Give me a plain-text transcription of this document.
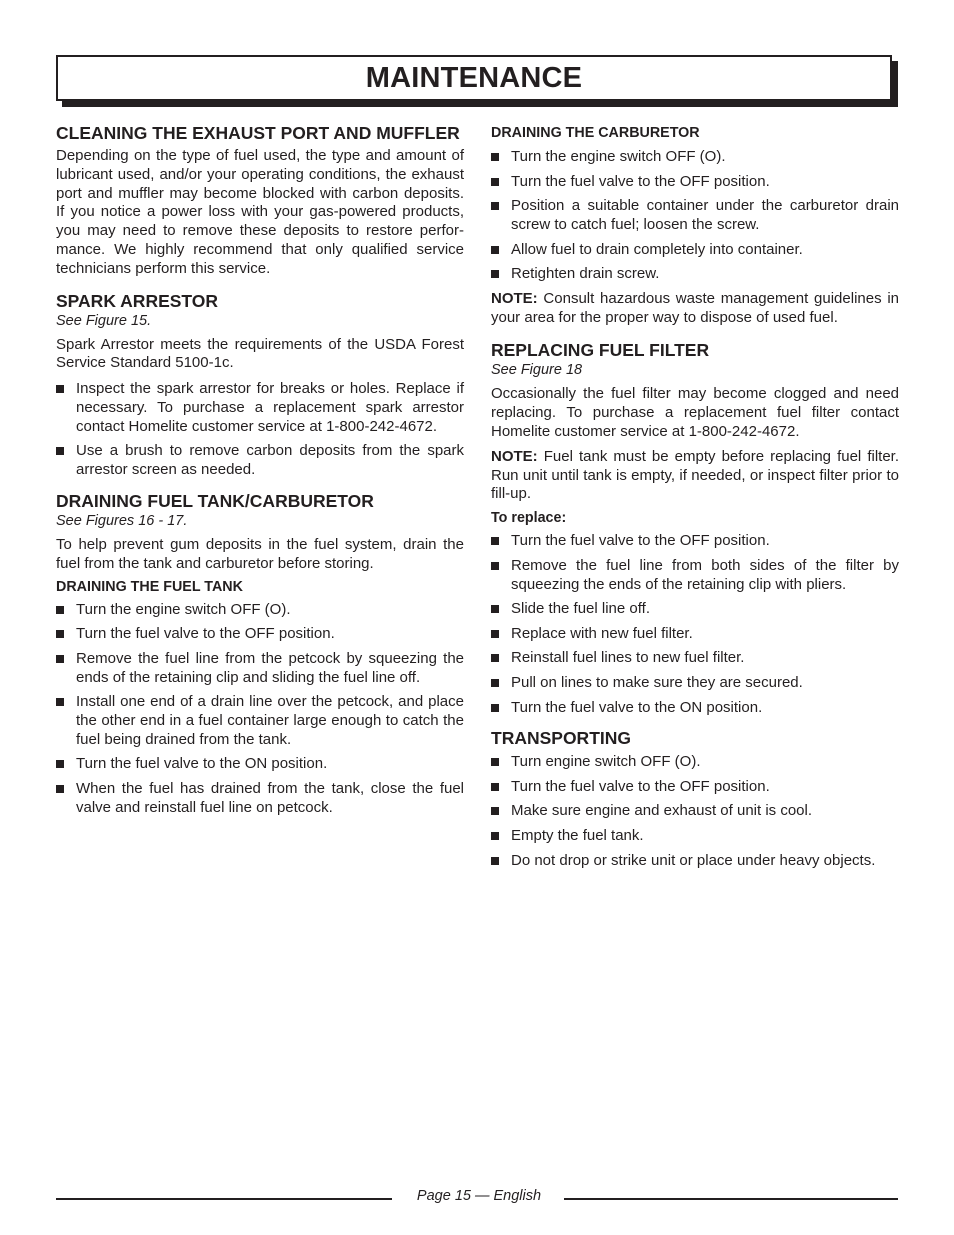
MAINTENANCE
CLEANING THE EXHAUST PORT AND MUFFLER

Depending on the type of fuel used, the type and amount of lubricant used, and/or your operating conditions, the exhaust port and muffler may become blocked with carbon deposits. If you notice a power loss with your gas-powered products, you may need to remove these deposits to restore perfor-mance. We highly recommend that only qualified service technicians perform this service.

SPARK ARRESTOR
See Figure 15.

Spark Arrestor meets the requirements of the USDA Forest Service Standard 5100-1c.

Inspect the spark arrestor for breaks or holes. Replace if necessary. To purchase a replacement spark arrestor contact Homelite customer service at 1-800-242-4672.
Use a brush to remove carbon deposits from the spark arrestor screen as needed.
DRAINING FUEL TANK/CARBURETOR
See Figures 16 - 17.

To help prevent gum deposits in the fuel system, drain the fuel from the tank and carburetor before storing.

DRAINING THE FUEL TANK
Turn the engine switch OFF (O).
Turn the fuel valve to the OFF position.
Remove the fuel line from the petcock by squeezing the ends of the retaining clip and sliding the fuel line off.
Install one end of a drain line over the petcock, and place the other end in a fuel container large enough to catch the fuel being drained from the tank.
Turn the fuel valve to the ON position.
When the fuel has drained from the tank, close the fuel valve and reinstall fuel line on petcock.
DRAINING THE CARBURETOR
Turn the engine switch OFF (O).
Turn the fuel valve to the OFF position.
Position a suitable container under the carburetor drain screw to catch fuel; loosen the screw.
Allow fuel to drain completely into container.
Retighten drain screw.

NOTE: Consult hazardous waste management guidelines in your area for the proper way to dispose of used fuel.

REPLACING FUEL FILTER
See Figure 18

Occasionally the fuel filter may become clogged and need replacing. To purchase a replacement fuel filter contact Homelite customer service at 1-800-242-4672.

NOTE: Fuel tank must be empty before replacing fuel filter. Run unit until tank is empty, if needed, or inspect filter prior to fill-up.

To replace:
Turn the fuel valve to the OFF position.
Remove the fuel line from both sides of the filter by squeezing the ends of the retaining clip with pliers.
Slide the fuel line off.
Replace with new fuel filter.
Reinstall fuel lines to new fuel filter.
Pull on lines to make sure they are secured.
Turn the fuel valve to the ON position.
TRANSPORTING
Turn engine switch OFF (O).
Turn the fuel valve to the OFF position.
Make sure engine and exhaust of unit is cool.
Empty the fuel tank.
Do not drop or strike unit or place under heavy objects.
Page 15 — English
